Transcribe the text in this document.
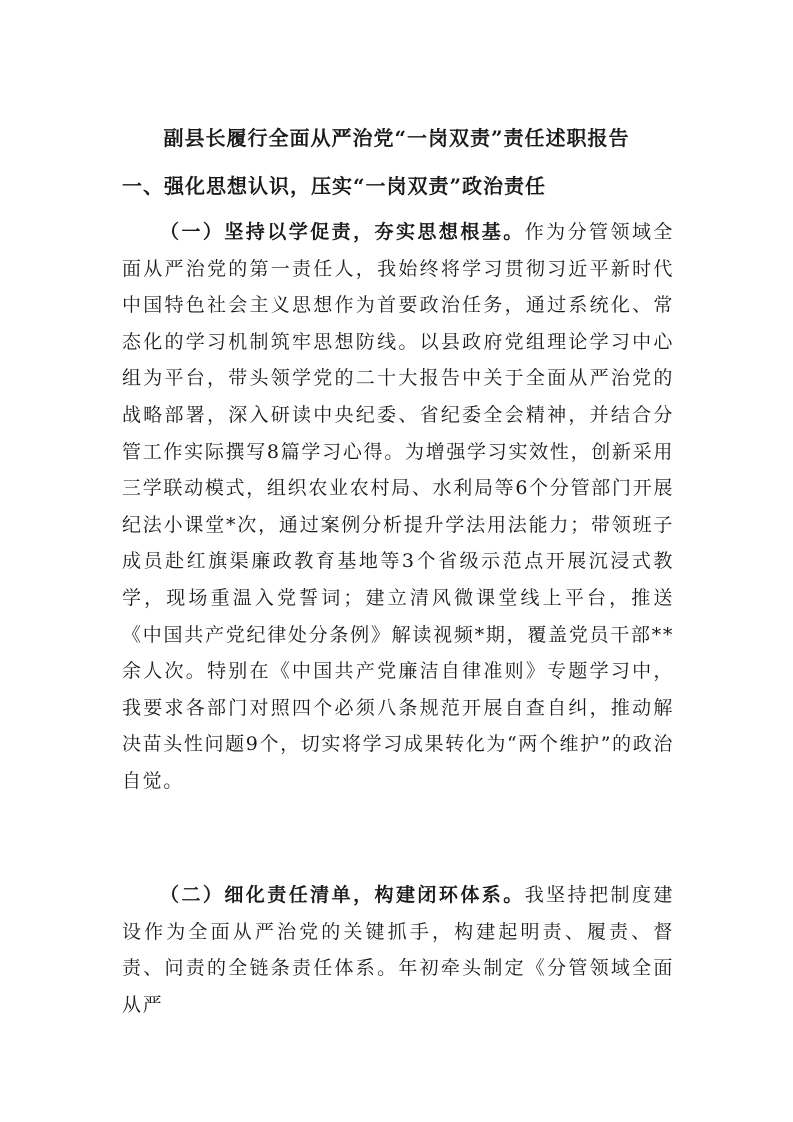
副县长履行全面从严治党“一岗双责”责任述职报告
一、强化思想认识，压实“一岗双责”政治责任

（一）坚持以学促责，夯实思想根基。作为分管领域全面从严治党的第一责任人，我始终将学习贯彻习近平新时代中国特色社会主义思想作为首要政治任务，通过系统化、常态化的学习机制筑牢思想防线。以县政府党组理论学习中心组为平台，带头领学党的二十大报告中关于全面从严治党的战略部署，深入研读中央纪委、省纪委全会精神，并结合分管工作实际撰写8篇学习心得。为增强学习实效性，创新采用三学联动模式，组织农业农村局、水利局等6个分管部门开展纪法小课堂*次，通过案例分析提升学法用法能力；带领班子成员赴红旗渠廉政教育基地等3个省级示范点开展沉浸式教学，现场重温入党誓词；建立清风微课堂线上平台，推送《中国共产党纪律处分条例》解读视频*期，覆盖党员干部**余人次。特别在《中国共产党廉洁自律准则》专题学习中，我要求各部门对照四个必须八条规范开展自查自纠，推动解决苗头性问题9个，切实将学习成果转化为“两个维护”的政治自觉。

（二）细化责任清单，构建闭环体系。我坚持把制度建设作为全面从严治党的关键抓手，构建起明责、履责、督责、问责的全链条责任体系。年初牵头制定《分管领域全面从严
